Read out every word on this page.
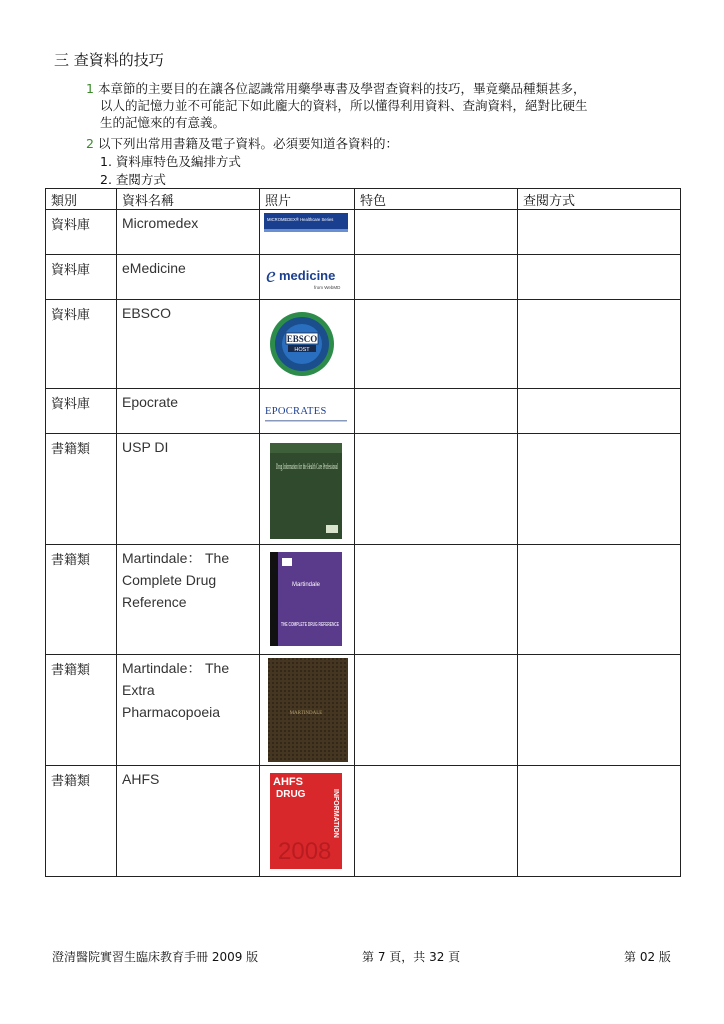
三 查資料的技巧
1 本章節的主要目的在讓各位認識常用藥學專書及學習查資料的技巧，畢竟藥品種類甚多，
以人的記憶力並不可能記下如此龐大的資料，所以懂得利用資料、查詢資料，絕對比硬生
生的記憶來的有意義。
2 以下列出常用書籍及電子資料。必須要知道各資料的：
1. 資料庫特色及編排方式
2. 查閱方式
類別	資料名稱	照片	特色	查閱方式
資料庫	Micromedex	MICROMEDEX® Healthcare Series		

資料庫	eMedicine	e medicine
from WebMD		

資料庫	EBSCO	EBSCO
HOST		

資料庫	Epocrate	EPOCRATES		

書籍類	USP DI	Drug Information for the Health Care Professional		

書籍類	Martindale： The Complete Drug Reference	Martindale
THE COMPLETE DRUG REFERENCE		

書籍類	Martindale： The Extra Pharmacopoeia	MARTINDALE		

書籍類	AHFS	AHFS
DRUG INFORMATION
2008		

澄清醫院實習生臨床教育手冊 2009 版	第 7 頁，共 32 頁	第 02 版
